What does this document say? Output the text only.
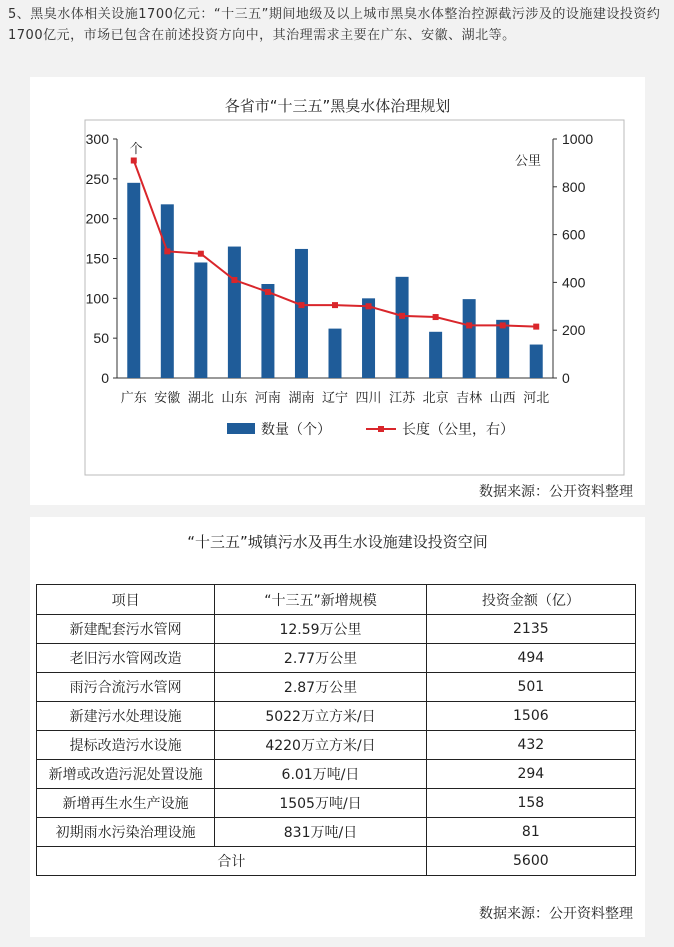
5、黑臭水体相关设施1700亿元：“十三五”期间地级及以上城市黑臭水体整治控源截污涉及的设施建设投资约1700亿元，市场已包含在前述投资方向中，其治理需求主要在广东、安徽、湖北等。
0
50
100
150
200
250
300
0
200
400
600
800
1000
个
公里
广东 安徽 湖北 山东 河南 湖南 辽宁 四川 江苏 北京 吉林 山西 河北
数量（个）	长度（公里，右）
各省市“十三五”黑臭水体治理规划
数据来源：公开资料整理
“十三五”城镇污水及再生水设施建设投资空间
项目	“十三五”新增规模	投资金额（亿）
新建配套污水管网	12.59万公里	2135
老旧污水管网改造	2.77万公里	494
雨污合流污水管网	2.87万公里	501
新建污水处理设施	5022万立方米/日	1506
提标改造污水设施	4220万立方米/日	432
新增或改造污泥处置设施	6.01万吨/日	294
新增再生水生产设施	1505万吨/日	158
初期雨水污染治理设施	831万吨/日	81
合计		5600
数据来源：公开资料整理
